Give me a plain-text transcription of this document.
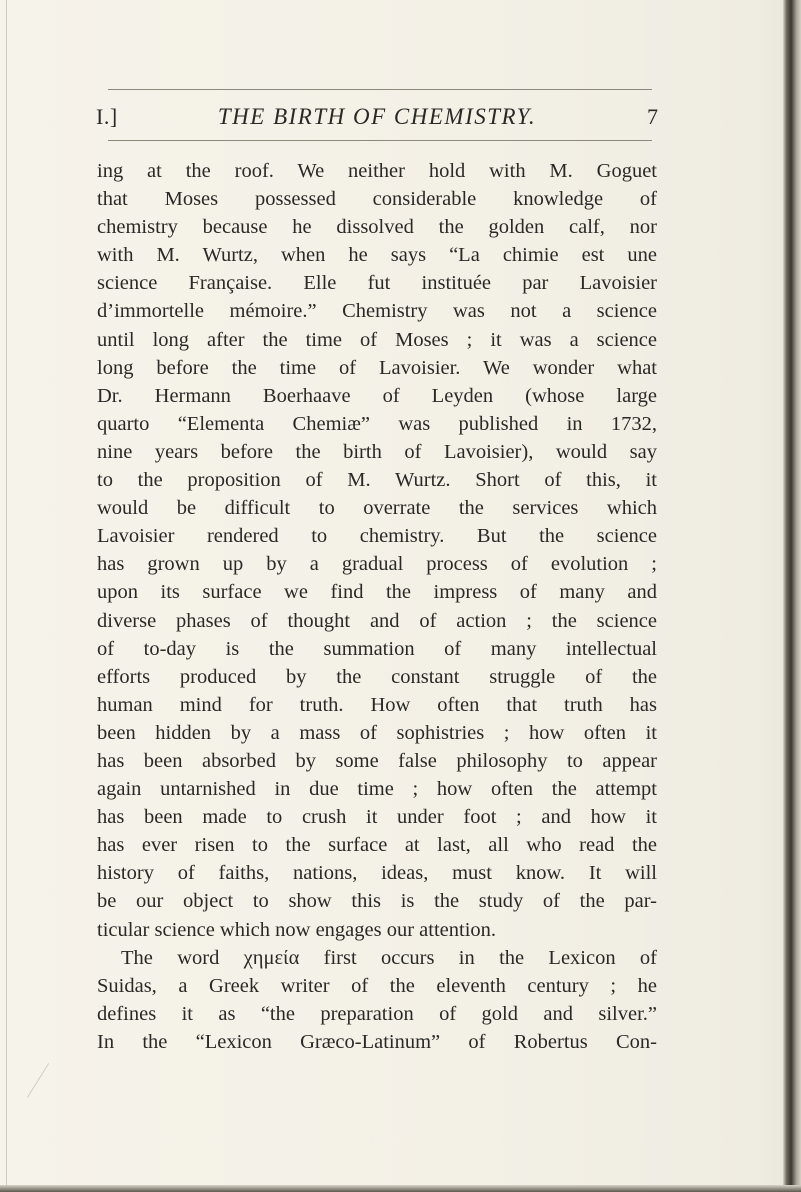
I.]	THE BIRTH OF CHEMISTRY.	7
ing at the roof. We neither hold with M. Goguet
that Moses possessed considerable knowledge of
chemistry because he dissolved the golden calf, nor
with M. Wurtz, when he says “La chimie est une
science Française. Elle fut instituée par Lavoisier
d’immortelle mémoire.” Chemistry was not a science
until long after the time of Moses ; it was a science
long before the time of Lavoisier. We wonder what
Dr. Hermann Boerhaave of Leyden (whose large
quarto “Elementa Chemiæ” was published in 1732,
nine years before the birth of Lavoisier), would say
to the proposition of M. Wurtz. Short of this, it
would be difficult to overrate the services which
Lavoisier rendered to chemistry. But the science
has grown up by a gradual process of evolution ;
upon its surface we find the impress of many and
diverse phases of thought and of action ; the science
of to-day is the summation of many intellectual
efforts produced by the constant struggle of the
human mind for truth. How often that truth has
been hidden by a mass of sophistries ; how often it
has been absorbed by some false philosophy to appear
again untarnished in due time ; how often the attempt
has been made to crush it under foot ; and how it
has ever risen to the surface at last, all who read the
history of faiths, nations, ideas, must know. It will
be our object to show this is the study of the par-
ticular science which now engages our attention.
The word χημεία first occurs in the Lexicon of
Suidas, a Greek writer of the eleventh century ; he
defines it as “the preparation of gold and silver.”
In the “Lexicon Græco-Latinum” of Robertus Con-
